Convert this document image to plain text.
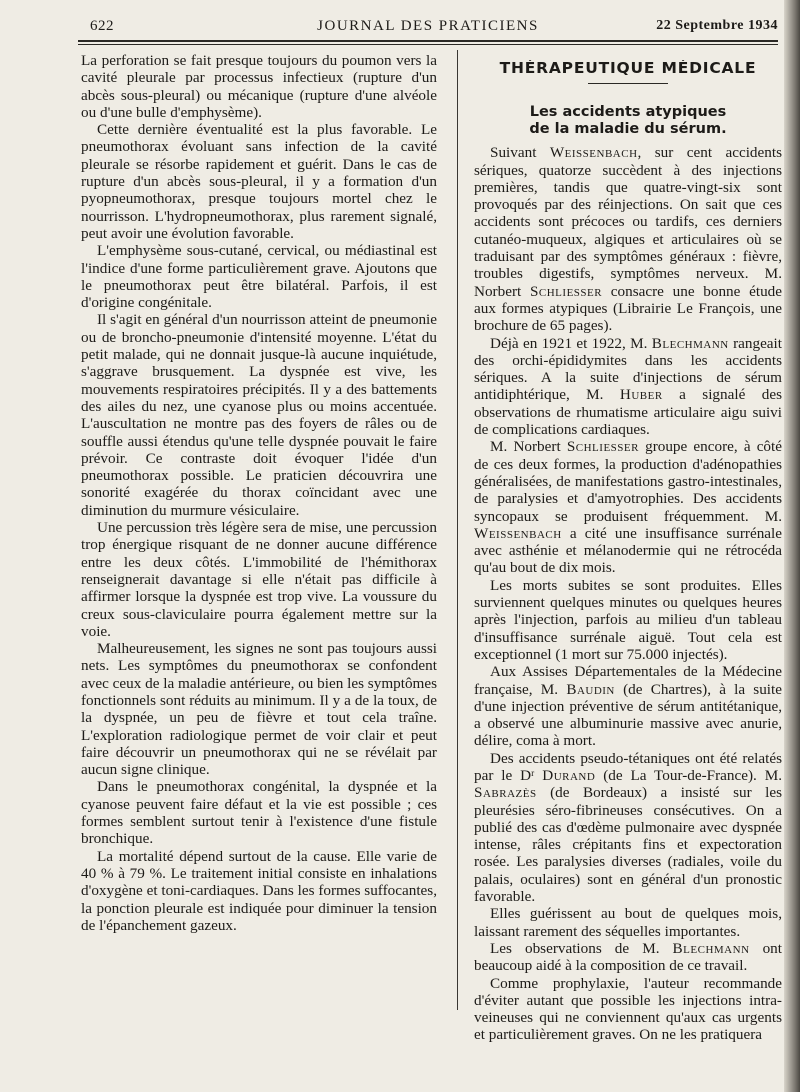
622	JOURNAL DES PRATICIENS	22 Septembre 1934

La perforation se fait presque toujours du poumon vers la cavité pleurale par processus infectieux (rupture d'un abcès sous-pleural) ou mécanique (rupture d'une alvéole ou d'une bulle d'emphysème).

Cette dernière éventualité est la plus favorable. Le pneumothorax évoluant sans infection de la cavité pleurale se résorbe rapidement et guérit. Dans le cas de rupture d'un abcès sous-pleural, il y a formation d'un pyopneumothorax, presque toujours mortel chez le nourrisson. L'hydropneumothorax, plus rarement signalé, peut avoir une évolution favorable.

L'emphysème sous-cutané, cervical, ou médiastinal est l'indice d'une forme particulièrement grave. Ajoutons que le pneumothorax peut être bilatéral. Parfois, il est d'origine congénitale.

Il s'agit en général d'un nourrisson atteint de pneumonie ou de broncho-pneumonie d'intensité moyenne. L'état du petit malade, qui ne donnait jusque-là aucune inquiétude, s'aggrave brusquement. La dyspnée est vive, les mouvements respiratoires précipités. Il y a des battements des ailes du nez, une cyanose plus ou moins accentuée. L'auscultation ne montre pas des foyers de râles ou de souffle aussi étendus qu'une telle dyspnée pouvait le faire prévoir. Ce contraste doit évoquer l'idée d'un pneumothorax possible. Le praticien découvrira une sonorité exagérée du thorax coïncidant avec une diminution du murmure vésiculaire.

Une percussion très légère sera de mise, une percussion trop énergique risquant de ne donner aucune différence entre les deux côtés. L'immobilité de l'hémithorax renseignerait davantage si elle n'était pas difficile à affirmer lorsque la dyspnée est trop vive. La voussure du creux sous-claviculaire pourra également mettre sur la voie.

Malheureusement, les signes ne sont pas toujours aussi nets. Les symptômes du pneumothorax se confondent avec ceux de la maladie antérieure, ou bien les symptômes fonctionnels sont réduits au minimum. Il y a de la toux, de la dyspnée, un peu de fièvre et tout cela traîne. L'exploration radiologique permet de voir clair et peut faire découvrir un pneumothorax qui ne se révélait par aucun signe clinique.

Dans le pneumothorax congénital, la dyspnée et la cyanose peuvent faire défaut et la vie est possible ; ces formes semblent surtout tenir à l'existence d'une fistule bronchique.

La mortalité dépend surtout de la cause. Elle varie de 40 % à 79 %. Le traitement initial consiste en inhalations d'oxygène et toni-cardiaques. Dans les formes suffocantes, la ponction pleurale est indiquée pour diminuer la tension de l'épanchement gazeux.

THÉRAPEUTIQUE MÉDICALE
Les accidents atypiques
de la maladie du sérum.

Suivant Weissenbach, sur cent accidents sériques, quatorze succèdent à des injections premières, tandis que quatre-vingt-six sont provoqués par des réinjections. On sait que ces accidents sont précoces ou tardifs, ces derniers cutanéo-muqueux, algiques et articulaires où se traduisant par des symptômes généraux : fièvre, troubles digestifs, symptômes nerveux. M. Norbert Schliesser consacre une bonne étude aux formes atypiques (Librairie Le François, une brochure de 65 pages).

Déjà en 1921 et 1922, M. Blechmann rangeait des orchi-épididymites dans les accidents sériques. A la suite d'injections de sérum antidiphtérique, M. Huber a signalé des observations de rhumatisme articulaire aigu suivi de complications cardiaques.

M. Norbert Schliesser groupe encore, à côté de ces deux formes, la production d'adénopathies généralisées, de manifestations gastro-intestinales, de paralysies et d'amyotrophies. Des accidents syncopaux se produisent fréquemment. M. Weissenbach a cité une insuffisance surrénale avec asthénie et mélanodermie qui ne rétrocéda qu'au bout de dix mois.

Les morts subites se sont produites. Elles surviennent quelques minutes ou quelques heures après l'injection, parfois au milieu d'un tableau d'insuffisance surrénale aiguë. Tout cela est exceptionnel (1 mort sur 75.000 injectés).

Aux Assises Départementales de la Médecine française, M. Baudin (de Chartres), à la suite d'une injection préventive de sérum antitétanique, a observé une albuminurie massive avec anurie, délire, coma à mort.

Des accidents pseudo-tétaniques ont été relatés par le Dʳ Durand (de La Tour-de-France). M. Sabrazès (de Bordeaux) a insisté sur les pleurésies séro-fibrineuses consécutives. On a publié des cas d'œdème pulmonaire avec dyspnée intense, râles crépitants fins et expectoration rosée. Les paralysies diverses (radiales, voile du palais, oculaires) sont en général d'un pronostic favorable.

Elles guérissent au bout de quelques mois, laissant rarement des séquelles importantes.

Les observations de M. Blechmann ont beaucoup aidé à la composition de ce travail.

Comme prophylaxie, l'auteur recommande d'éviter autant que possible les injections intra-veineuses qui ne conviennent qu'aux cas urgents et particulièrement graves. On ne les pratiquera
